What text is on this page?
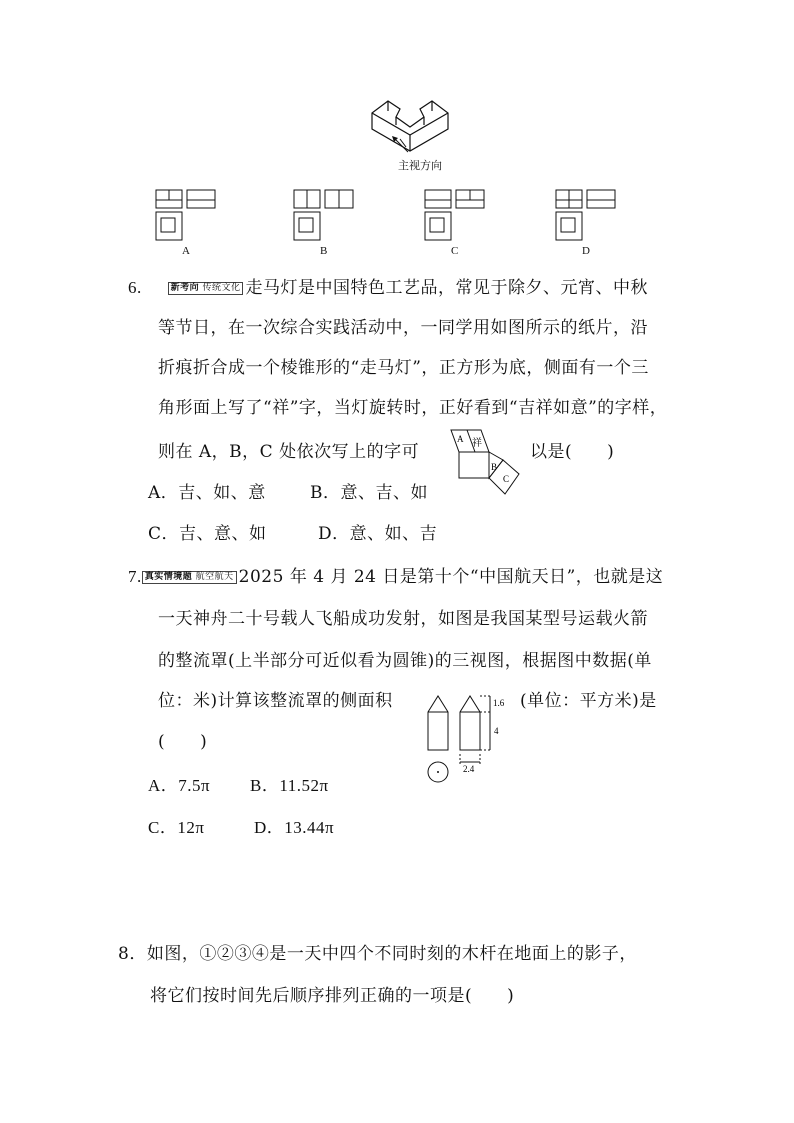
主视方向
A	B	C	D
6.	新考向 传统文化 走马灯是中国特色工艺品，常见于除夕、元宵、中秋
等节日，在一次综合实践活动中，一同学用如图所示的纸片，沿
折痕折合成一个棱锥形的“走马灯”，正方形为底，侧面有一个三
角形面上写了“祥”字，当灯旋转时，正好看到“吉祥如意”的字样，
则在 A，B，C 处依次写上的字可	以是(　　)
A 祥
B
C
A．吉、如、意	B．意、吉、如
C．吉、意、如	D．意、如、吉
7. 真实情境题 航空航天 2025 年 4 月 24 日是第十个“中国航天日”，也就是这
一天神舟二十号载人飞船成功发射，如图是我国某型号运载火箭
的整流罩(上半部分可近似看为圆锥)的三视图，根据图中数据(单
位：米)计算该整流罩的侧面积	(单位：平方米)是
(　　)
1.6
4
2.4
A．7.5π B．11.52π
C．12π	D．13.44π
8．如图，①②③④是一天中四个不同时刻的木杆在地面上的影子，
将它们按时间先后顺序排列正确的一项是(　　)
